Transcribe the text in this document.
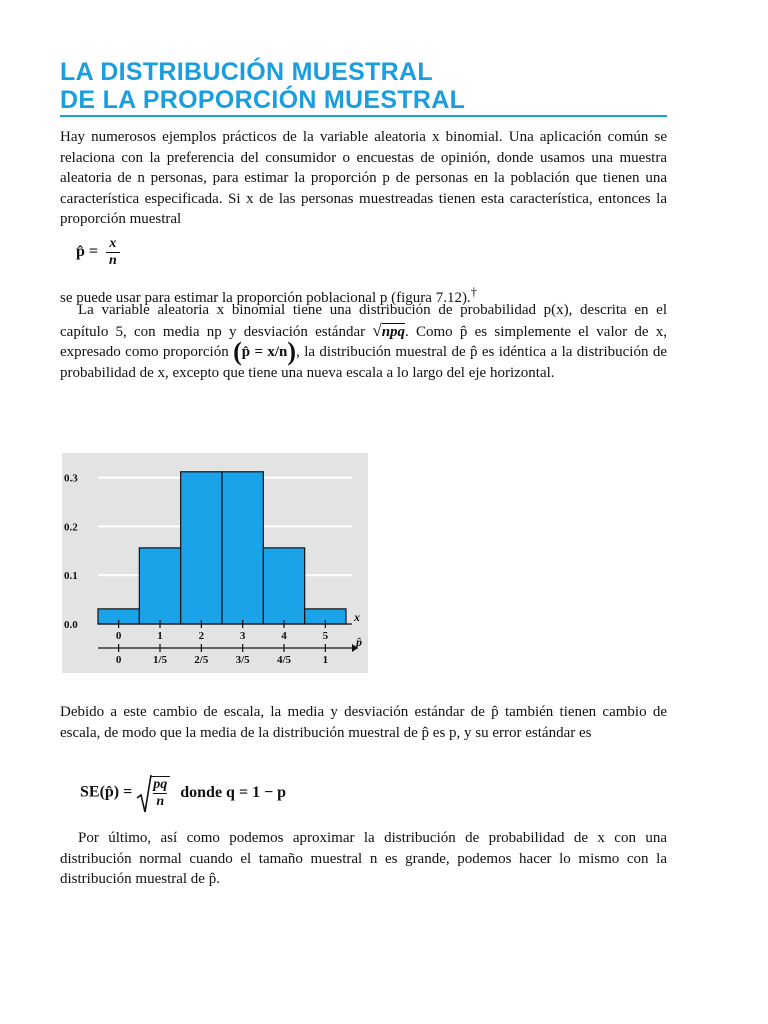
LA DISTRIBUCIÓN MUESTRAL
DE LA PROPORCIÓN MUESTRAL

Hay numerosos ejemplos prácticos de la variable aleatoria x binomial. Una aplicación común se relaciona con la preferencia del consumidor o encuestas de opinión, donde usamos una muestra aleatoria de n personas, para estimar la proporción p de personas en la población que tienen una característica especificada. Si x de las personas muestreadas tienen esta característica, entonces la proporción muestral

p̂ = $\frac{x}{n}$

se puede usar para estimar la proporción poblacional p (figura 7.12).†

La variable aleatoria x binomial tiene una distribución de probabilidad p(x), descrita en el capítulo 5, con media np y desviación estándar √npq. Como p̂ es simplemente el valor de x, expresado como proporción (p̂ = x/n), la distribución muestral de p̂ es idéntica a la distribución de probabilidad de x, excepto que tiene una nueva escala a lo largo del eje horizontal.

0.0
0.1
0.2
0.3
0	1	2	3	4	5
x
0	1/5 2/5 3/5 4/5	1
p̂

Debido a este cambio de escala, la media y desviación estándar de p̂ también tienen cambio de escala, de modo que la media de la distribución muestral de p̂ es p, y su error estándar es

SE(p̂) = $\frac{pq}{n}$ donde q = 1 − p

Por último, así como podemos aproximar la distribución de probabilidad de x con una distribución normal cuando el tamaño muestral n es grande, podemos hacer lo mismo con la distribución muestral de p̂.
